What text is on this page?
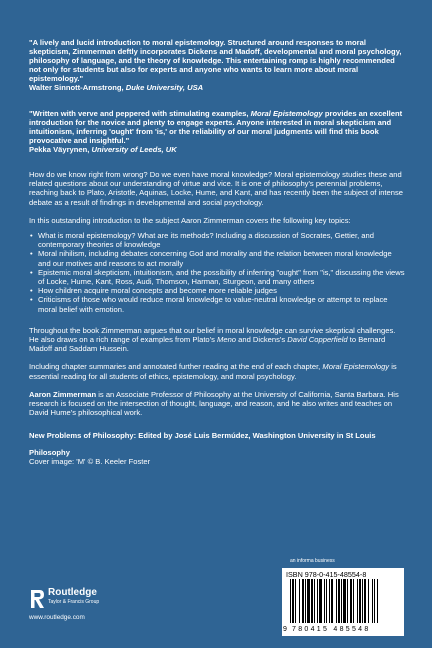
"A lively and lucid introduction to moral epistemology. Structured around responses to moral skepticism, Zimmerman deftly incorporates Dickens and Madoff, developmental and moral psychology, philosophy of language, and the theory of knowledge. This entertaining romp is highly recommended not only for students but also for experts and anyone who wants to learn more about moral epistemology."
Walter Sinnott-Armstrong, Duke University, USA
"Written with verve and peppered with stimulating examples, Moral Epistemology provides an excellent introduction for the novice and plenty to engage experts. Anyone interested in moral skepticism and intuitionism, inferring 'ought' from 'is,' or the reliability of our moral judgments will find this book provocative and insightful."
Pekka Väyrynen, University of Leeds, UK
How do we know right from wrong? Do we even have moral knowledge? Moral epistemology studies these and related questions about our understanding of virtue and vice. It is one of philosophy's perennial problems, reaching back to Plato, Aristotle, Aquinas, Locke, Hume, and Kant, and has recently been the subject of intense debate as a result of findings in developmental and social psychology.
In this outstanding introduction to the subject Aaron Zimmerman covers the following key topics:
• What is moral epistemology? What are its methods? Including a discussion of Socrates, Gettier, and contemporary theories of knowledge
• Moral nihilism, including debates concerning God and morality and the relation between moral knowledge and our motives and reasons to act morally
• Epistemic moral skepticism, intuitionism, and the possibility of inferring "ought" from "is," discussing the views of Locke, Hume, Kant, Ross, Audi, Thomson, Harman, Sturgeon, and many others
• How children acquire moral concepts and become more reliable judges
• Criticisms of those who would reduce moral knowledge to value-neutral knowledge or attempt to replace moral belief with emotion.
Throughout the book Zimmerman argues that our belief in moral knowledge can survive skeptical challenges. He also draws on a rich range of examples from Plato's Meno and Dickens's David Copperfield to Bernard Madoff and Saddam Hussein.
Including chapter summaries and annotated further reading at the end of each chapter, Moral Epistemology is essential reading for all students of ethics, epistemology, and moral psychology.
Aaron Zimmerman is an Associate Professor of Philosophy at the University of California, Santa Barbara. His research is focused on the intersection of thought, language, and reason, and he also writes and teaches on David Hume's philosophical work.
New Problems of Philosophy: Edited by José Luis Bermúdez, Washington University in St Louis
Philosophy
Cover image: 'M' © B. Keeler Foster
Routledge
Taylor & Francis Group
www.routledge.com
an informa business
ISBN 978-0-415-48554-8
9 780415 485548
